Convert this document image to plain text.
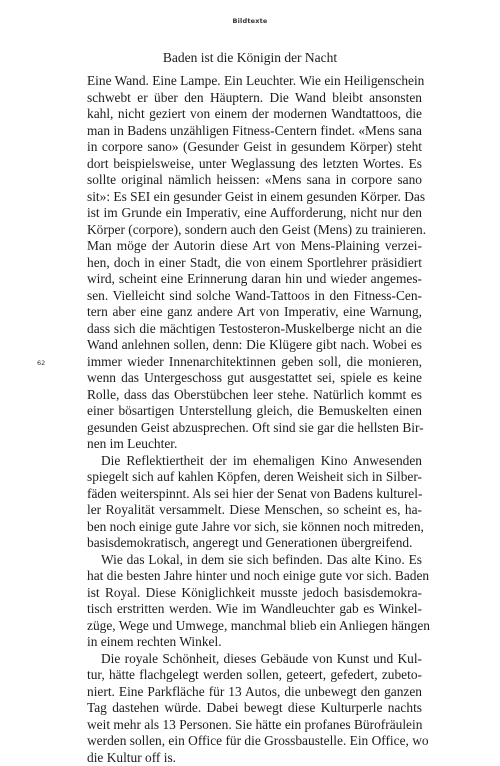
Bildtexte
Baden ist die Königin der Nacht
62
Eine Wand. Eine Lampe. Ein Leuchter. Wie ein Heiligenschein
schwebt er über den Häuptern. Die Wand bleibt ansonsten
kahl, nicht geziert von einem der modernen Wandtattoos, die
man in Badens unzähligen Fitness-Centern findet. «Mens sana
in corpore sano» (Gesunder Geist in gesundem Körper) steht
dort beispielsweise, unter Weglassung des letzten Wortes. Es
sollte original nämlich heissen: «Mens sana in corpore sano
sit»: Es SEI ein gesunder Geist in einem gesunden Körper. Das
ist im Grunde ein Imperativ, eine Aufforderung, nicht nur den
Körper (corpore), sondern auch den Geist (Mens) zu trainieren.
Man möge der Autorin diese Art von Mens-Plaining verzei-
hen, doch in einer Stadt, die von einem Sportlehrer präsidiert
wird, scheint eine Erinnerung daran hin und wieder angemes-
sen. Vielleicht sind solche Wand-Tattoos in den Fitness-Cen-
tern aber eine ganz andere Art von Imperativ, eine Warnung,
dass sich die mächtigen Testosteron-Muskelberge nicht an die
Wand anlehnen sollen, denn: Die Klügere gibt nach. Wobei es
immer wieder Innenarchitektinnen geben soll, die monieren,
wenn das Untergeschoss gut ausgestattet sei, spiele es keine
Rolle, dass das Oberstübchen leer stehe. Natürlich kommt es
einer bösartigen Unterstellung gleich, die Bemuskelten einen
gesunden Geist abzusprechen. Oft sind sie gar die hellsten Bir-
nen im Leuchter.
Die Reflektiertheit der im ehemaligen Kino Anwesenden
spiegelt sich auf kahlen Köpfen, deren Weisheit sich in Silber-
fäden weiterspinnt. Als sei hier der Senat von Badens kulturel-
ler Royalität versammelt. Diese Menschen, so scheint es, ha-
ben noch einige gute Jahre vor sich, sie können noch mitreden,
basisdemokratisch, angeregt und Generationen übergreifend.
Wie das Lokal, in dem sie sich befinden. Das alte Kino. Es
hat die besten Jahre hinter und noch einige gute vor sich. Baden
ist Royal. Diese Königlichkeit musste jedoch basisdemokra-
tisch erstritten werden. Wie im Wandleuchter gab es Winkel-
züge, Wege und Umwege, manchmal blieb ein Anliegen hängen
in einem rechten Winkel.
Die royale Schönheit, dieses Gebäude von Kunst und Kul-
tur, hätte flachgelegt werden sollen, geteert, gefedert, zubeto-
niert. Eine Parkfläche für 13 Autos, die unbewegt den ganzen
Tag dastehen würde. Dabei bewegt diese Kulturperle nachts
weit mehr als 13 Personen. Sie hätte ein profanes Bürofräulein
werden sollen, ein Office für die Grossbaustelle. Ein Office, wo
die Kultur off is.
